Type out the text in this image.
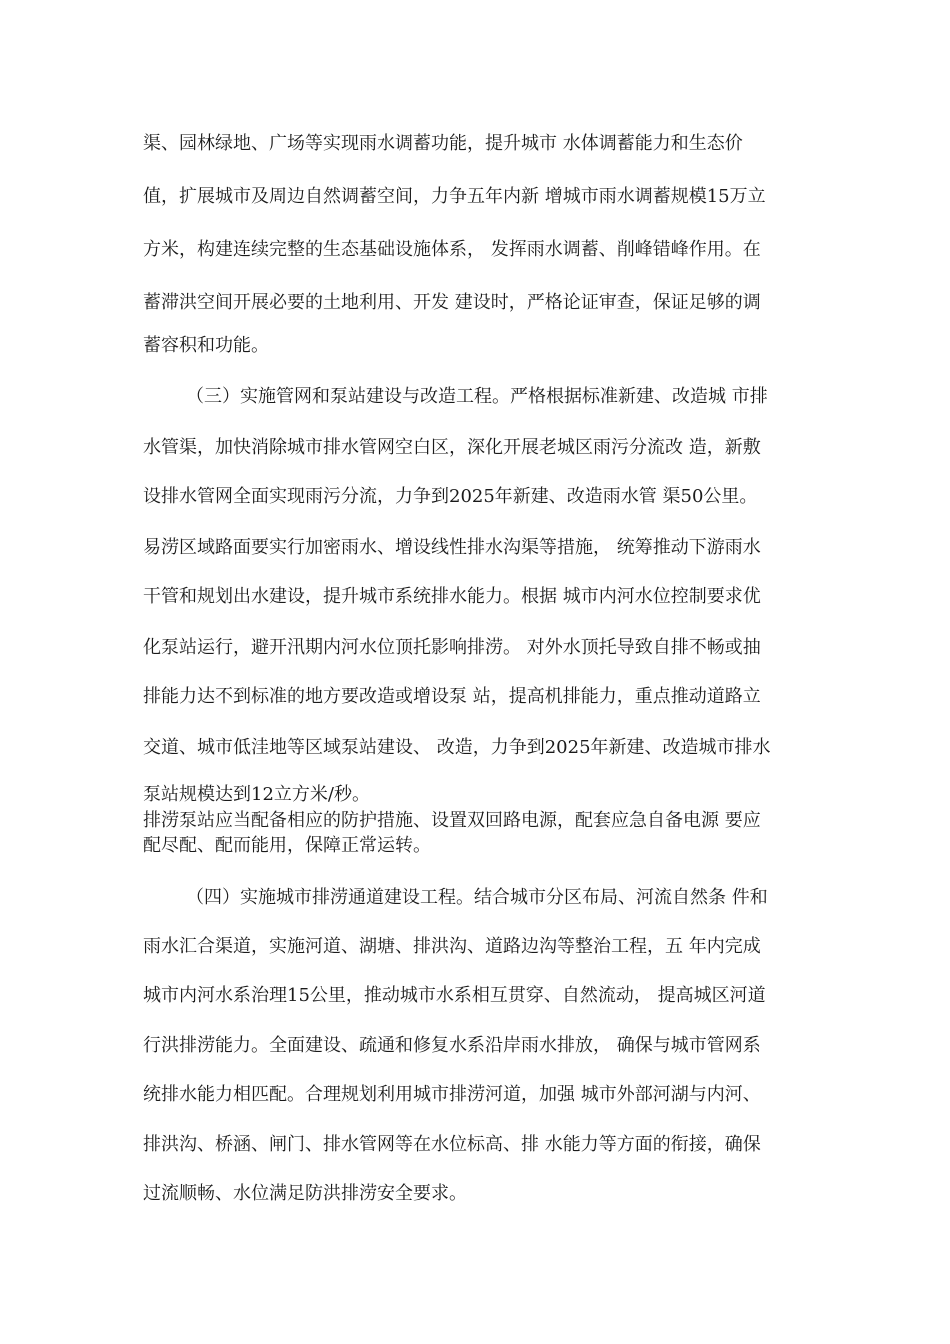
渠、园林绿地、广场等实现雨水调蓄功能，提升城市 水体调蓄能力和生态价
值，扩展城市及周边自然调蓄空间，力争五年内新 增城市雨水调蓄规模15万立
方米，构建连续完整的生态基础设施体系， 发挥雨水调蓄、削峰错峰作用。在
蓄滞洪空间开展必要的土地利用、开发 建设时，严格论证审查，保证足够的调
蓄容积和功能。
（三）实施管网和泵站建设与改造工程。严格根据标准新建、改造城 市排
水管渠，加快消除城市排水管网空白区，深化开展老城区雨污分流改 造，新敷
设排水管网全面实现雨污分流，力争到2025年新建、改造雨水管 渠50公里。
易涝区域路面要实行加密雨水、增设线性排水沟渠等措施， 统筹推动下游雨水
干管和规划出水建设，提升城市系统排水能力。根据 城市内河水位控制要求优
化泵站运行，避开汛期内河水位顶托影响排涝。 对外水顶托导致自排不畅或抽
排能力达不到标准的地方要改造或增设泵 站，提高机排能力，重点推动道路立
交道、城市低洼地等区域泵站建设、 改造，力争到2025年新建、改造城市排水
泵站规模达到12立方米/秒。
排涝泵站应当配备相应的防护措施、设置双回路电源，配套应急自备电源 要应
配尽配、配而能用，保障正常运转。
（四）实施城市排涝通道建设工程。结合城市分区布局、河流自然条 件和
雨水汇合渠道，实施河道、湖塘、排洪沟、道路边沟等整治工程，五 年内完成
城市内河水系治理15公里，推动城市水系相互贯穿、自然流动， 提高城区河道
行洪排涝能力。全面建设、疏通和修复水系沿岸雨水排放， 确保与城市管网系
统排水能力相匹配。合理规划利用城市排涝河道，加强 城市外部河湖与内河、
排洪沟、桥涵、闸门、排水管网等在水位标高、排 水能力等方面的衔接，确保
过流顺畅、水位满足防洪排涝安全要求。
